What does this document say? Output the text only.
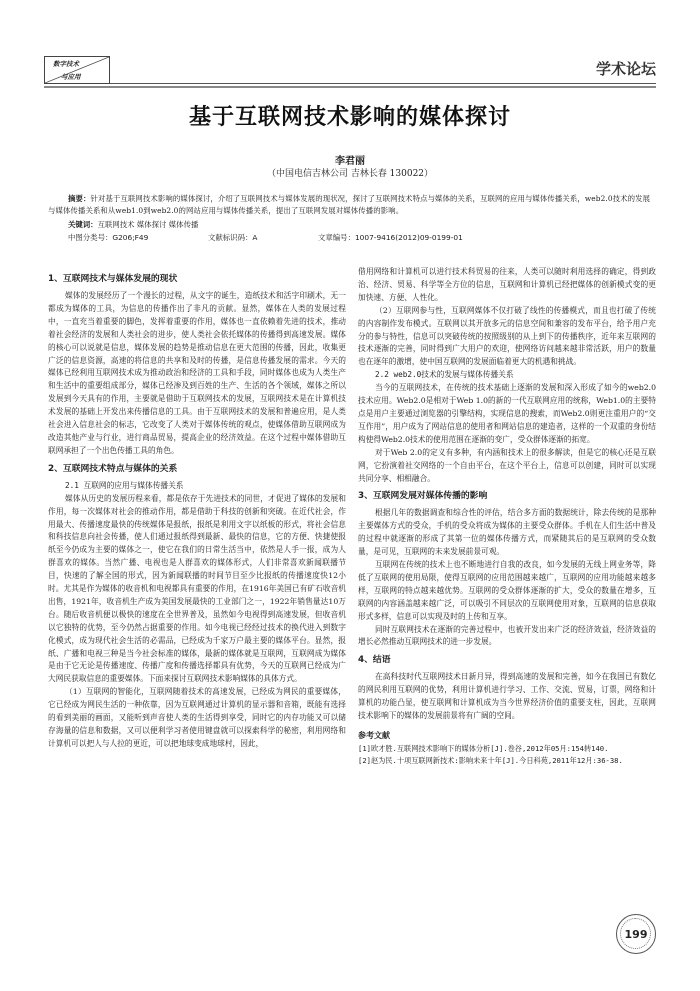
数字技术
与应用	学术论坛
基于互联网技术影响的媒体探讨
李君丽
（中国电信吉林公司 吉林长春 130022）
摘要：针对基于互联网技术影响的媒体探讨，介绍了互联网技术与媒体发展的现状况，探讨了互联网技术特点与媒体的关系，互联网的应用与媒体传播关系，web2.0技术的发展与媒体传播关系和从web1.0到web2.0的网站应用与媒体传播关系，提出了互联网发展对媒体传播的影响。
关键词：互联网技术 媒体探讨 媒体传播
中图分类号：G206;F49	文献标识码：A	文章编号：1007-9416(2012)09-0199-01
1、互联网技术与媒体发展的现状

媒体的发展经历了一个漫长的过程，从文字的诞生，造纸技术和活字印刷术，无一都成为媒体的工具，为信息的传播作出了非凡的贡献。显然，媒体在人类的发展过程中，一直充当着重要的脚色，发挥着重要的作用，媒体也一直依赖着先进的技术，推动着社会经济的发展和人类社会的进步，使人类社会依托媒体的传播得到高速发展。媒体的核心可以说就是信息，媒体发展的趋势是推动信息在更大范围的传播，因此，收集更广泛的信息资源，高速的将信息的共享和及时的传播，是信息传播发展的需求。今天的媒体已经利用互联网技术成为推动政治和经济的工具和手段，同时媒体也成为人类生产和生活中的重要组成部分，媒体已经渗及到百姓的生产、生活的各个领域，媒体之所以发展到今天具有的作用，主要就是借助于互联网技术的发展，互联网技术是在计算机技术发展的基础上开发出来传播信息的工具。由于互联网技术的发展和普遍应用，是人类社会进入信息社会的标志，它改变了人类对于媒体传统的观点，使媒体借助互联网成为改造其他产业与行业，进行商品贸易，提高企业的经济效益。在这个过程中媒体借助互联网承担了一个出色传播工具的角色。

2、互联网技术特点与媒体的关系
2.1 互联网的应用与媒体传播关系

媒体从历史的发展历程来看，都是依存于先进技术的同世，才促进了媒体的发展和作用，每一次媒体对社会的推动作用，都是借助于科技的创新和突破。在近代社会，作用最大、传播速度最快的传统媒体是报纸，报纸是利用文字以纸板的形式，将社会信息和科技信息向社会传播，使人们通过报纸得到最新、最快的信息，它的方便、快捷使报纸至今仍成为主要的媒体之一，使它在我们的日常生活当中，依然是人手一报，成为人群喜欢的媒体。当然广播、电视也是人群喜欢的媒体形式，人们非常喜欢新闻联播节目，快速的了解全国的形式，因为新闻联播的时间节目至少比报纸的传播速度快12小时。尤其是作为媒体的收音机和电视都具有重要的作用，在1916年美国已有矿石收音机出售，1921年，收音机生产成为美国发展最快的工业部门之一，1922年销售量达10万台。随后收音机便以极快的速度在全世界普及，虽然如今电视得到高速发展，但收音机以它独特的优势，至今仍然占据重要的作用。如今电视已经经过技术的换代进入到数字化模式，成为现代社会生活的必需品，已经成为千家万户最主要的媒体平台。显然，报纸、广播和电视三种是当今社会标准的媒体，最新的媒体就是互联网，互联网成为媒体是由于它无论是传播速度、传播广度和传播选择都具有优势，今天的互联网已经成为广大网民获取信息的重要媒体。下面来探讨互联网技术影响媒体的具体方式。

（1）互联网的智能化，互联网随着技术的高速发展，已经成为网民的重要媒体，它已经成为网民生活的一种依靠，因为互联网通过计算机的显示器和音箱，既能有选择的看到美丽的画面，又能听到声音使人类的生活得到享受，同时它的内存功能又可以储存海量的信息和数据，又可以便利学习者使用键盘就可以探索科学的秘密，利用网络和计算机可以把人与人拉的更近，可以把地球变成地球村，因此，

借用网络和计算机可以进行技术科贸易的往来，人类可以随时利用选择的确定，得到政治、经济、贸易、科学等全方位的信息，互联网和计算机已经把媒体的创新模式变的更加快速、方便、人性化。

（2）互联网参与性，互联网媒体不仅打破了线性的传播模式，而且也打破了传统的内容制作发布模式。互联网以其开放多元的信息空间和兼容的发布平台，给予用户充分的参与特性，信息可以突破传统的按照级别的从上到下的传播秩序，近年来互联网的技术逐渐的完善，同时得到广大用户的欢迎，使网络访问越来越非常活跃，用户的数量也在逐年的激增，使中国互联网的发展面临着更大的机遇和挑战。

2.2 web2.0技术的发展与媒体传播关系

当今的互联网技术，在传统的技术基础上逐渐的发展和深入形成了如今的web2.0技术应用。Web2.0是相对于Web 1.0的新的一代互联网应用的统称，Web1.0的主要特点是用户主要通过浏览器的引擎结构，实现信息的搜索，而Web2.0则更注重用户的“交互作用”，用户成为了网站信息的使用者和网站信息的建造者，这样的一个双重的身份结构使得Web2.0技术的使用范围在逐渐的变广，受众群体逐渐的拓宽。

对于Web 2.0的定义有多种，有内涵和技术上的很多解读，但是它的核心还是互联网，它扮演着社交网络的一个自由平台，在这个平台上，信息可以创建，同时可以实现共同分享、相相融合。

3、互联网发展对媒体传播的影响

根据几年的数据调查和综合性的评估，结合多方面的数据统计，除去传统的是那种主要媒体方式的受众，手机的受众将成为媒体的主要受众群体。手机在人们生活中普及的过程中就逐渐的形成了其第一位的媒体传播方式，而紧随其后的是互联网的受众数量，是可见，互联网的未来发展前景可观。

互联网在传统的技术上也不断地进行自我的改良，如今发展的无线上网业务等，降低了互联网的使用局限，使得互联网的应用范围越来越广，互联网的应用功能越来越多样，互联网的特点越来越优势。互联网的受众群体逐渐的扩大，受众的数量在增多，互联网的内容涵盖越来越广泛，可以吸引不同层次的互联网使用对象，互联网的信息获取形式多样，信息可以实现及时的上传和互享。

同时互联网技术在逐渐的完善过程中，也被开发出来广泛的经济效益，经济效益的增长必然推动互联网技术的进一步发展。

4、结语

在高科技时代互联网技术日新月异，得到高速的发展和完善，如今在我国已有数亿的网民利用互联网的优势，利用计算机进行学习、工作、交流、贸易，订票，网络和计算机的功能凸显，使互联网和计算机成为当今世界经济价值的重要支柱，因此，互联网技术影响下的媒体的发展前景将有广阔的空间。

参考文献
[1]欧才胜.互联网技术影响下的媒体分析[J].卷谷,2012年05月:154转140.
[2]赵为民.十项互联网新技术:影响未来十年[J].今日科苑,2011年12月:36-38.
199
